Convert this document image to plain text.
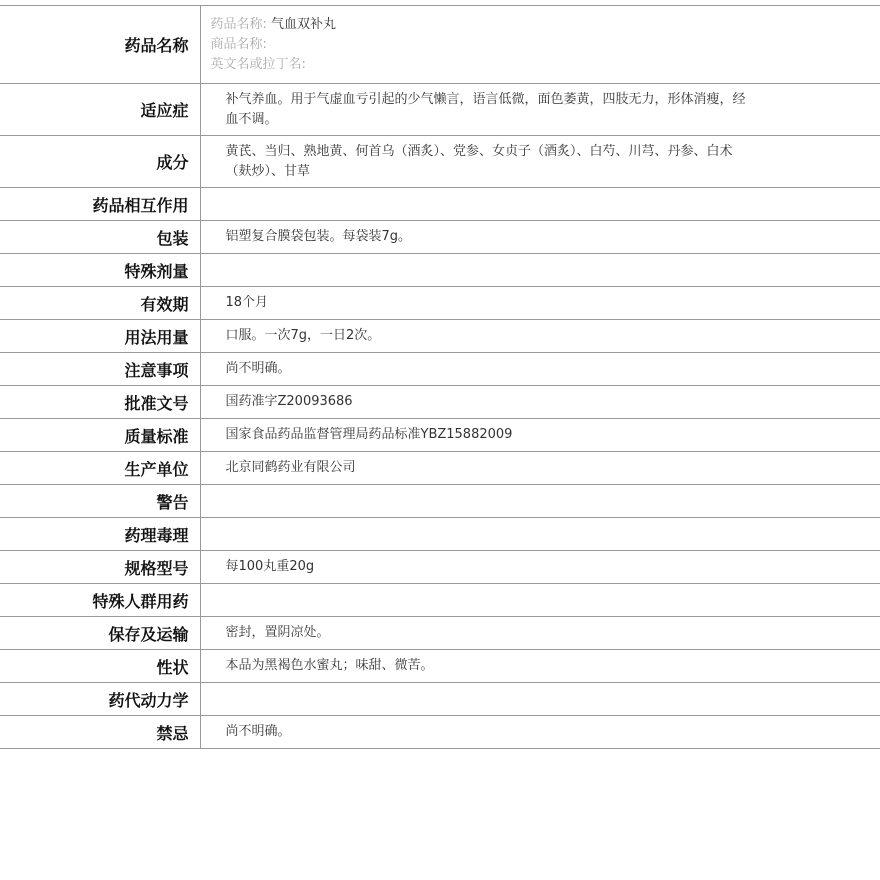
药品名称	药品名称: 气血双补丸
商品名称:
英文名或拉丁名:

适应症	补气养血。用于气虚血亏引起的少气懒言，语言低微，面色萎黄，四肢无力，形体消瘦，经
血不调。

成分	黄芪、当归、熟地黄、何首乌（酒炙）、党参、女贞子（酒炙）、白芍、川芎、丹参、白术
（麸炒）、甘草

药品相互作用	
包装	铝塑复合膜袋包装。每袋装7g。
特殊剂量	
有效期	18个月
用法用量	口服。一次7g，一日2次。
注意事项	尚不明确。
批准文号	国药准字Z20093686
质量标准	国家食品药品监督管理局药品标准YBZ15882009
生产单位	北京同鹤药业有限公司
警告	
药理毒理	
规格型号	每100丸重20g
特殊人群用药	
保存及运输	密封，置阴凉处。
性状	本品为黑褐色水蜜丸；味甜、微苦。
药代动力学	
禁忌	尚不明确。
